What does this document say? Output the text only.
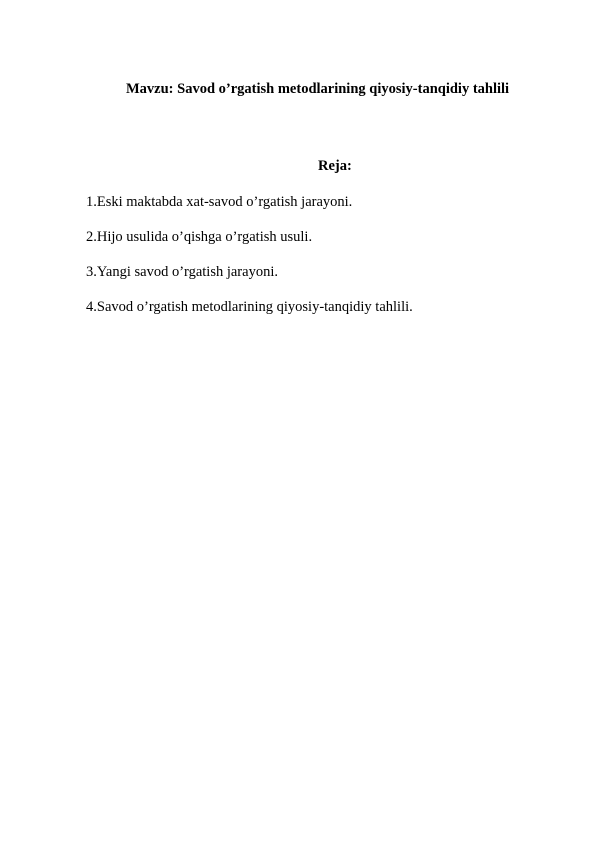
Mavzu: Savod o’rgatish metodlarining qiyosiy-tanqidiy tahlili
Reja:
1.Eski maktabda xat-savod o’rgatish jarayoni.
2.Hijo usulida o’qishga o’rgatish usuli.
3.Yangi savod o’rgatish jarayoni.
4.Savod o’rgatish metodlarining qiyosiy-tanqidiy tahlili.
